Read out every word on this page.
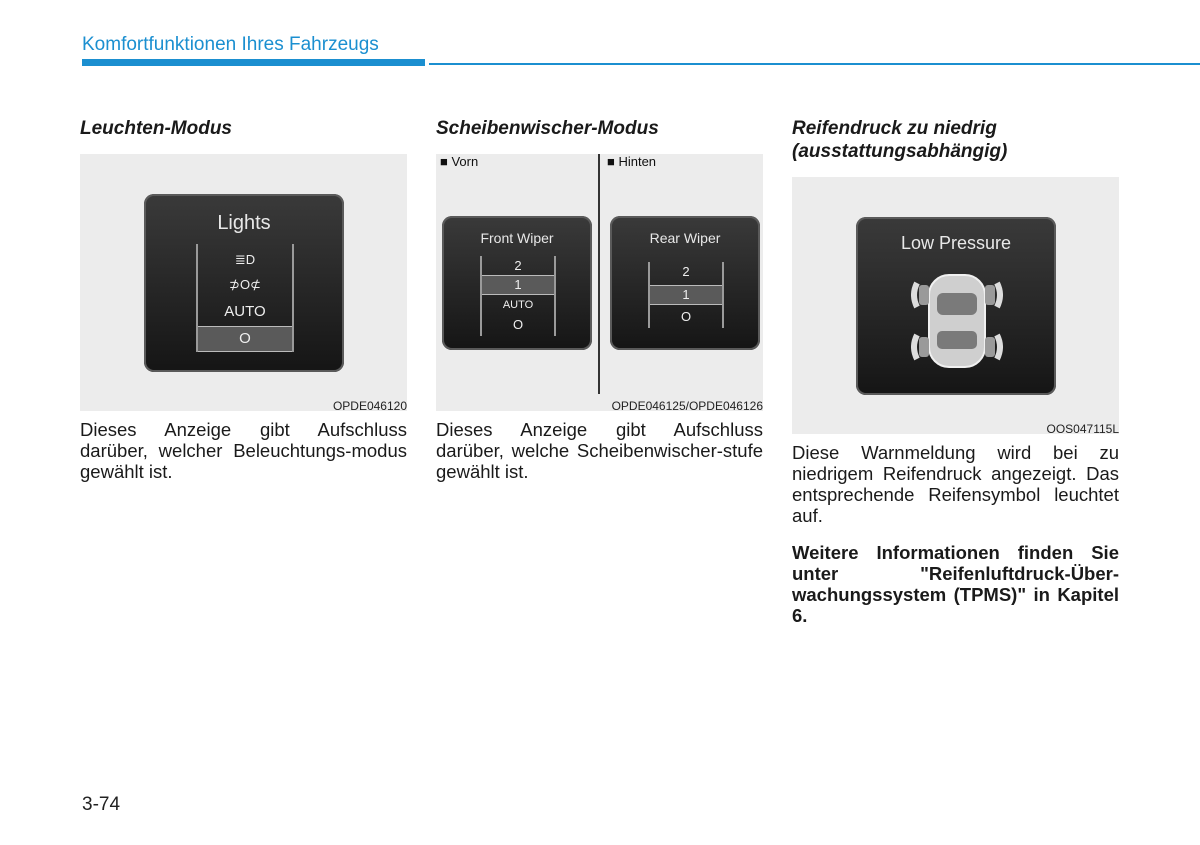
Komfortfunktionen Ihres Fahrzeugs
Leuchten-Modus
Lights
≣D
⊅O⊄
AUTO
O
OPDE046120

Dieses Anzeige gibt Aufschluss darüber, welcher Beleuchtungs-modus gewählt ist.

Scheibenwischer-Modus
■ Vorn	■ Hinten
Front Wiper
2
1
AUTO
O
Rear Wiper
2
1
O
OPDE046125/OPDE046126

Dieses Anzeige gibt Aufschluss darüber, welche Scheibenwischer-stufe gewählt ist.

Reifendruck zu niedrig (ausstattungsabhängig)
Low Pressure
OOS047115L

Diese Warnmeldung wird bei zu niedrigem Reifendruck angezeigt. Das entsprechende Reifensymbol leuchtet auf.

Weitere Informationen finden Sie unter "Reifenluftdruck-Über-wachungssystem (TPMS)" in Kapitel 6.

3-74
